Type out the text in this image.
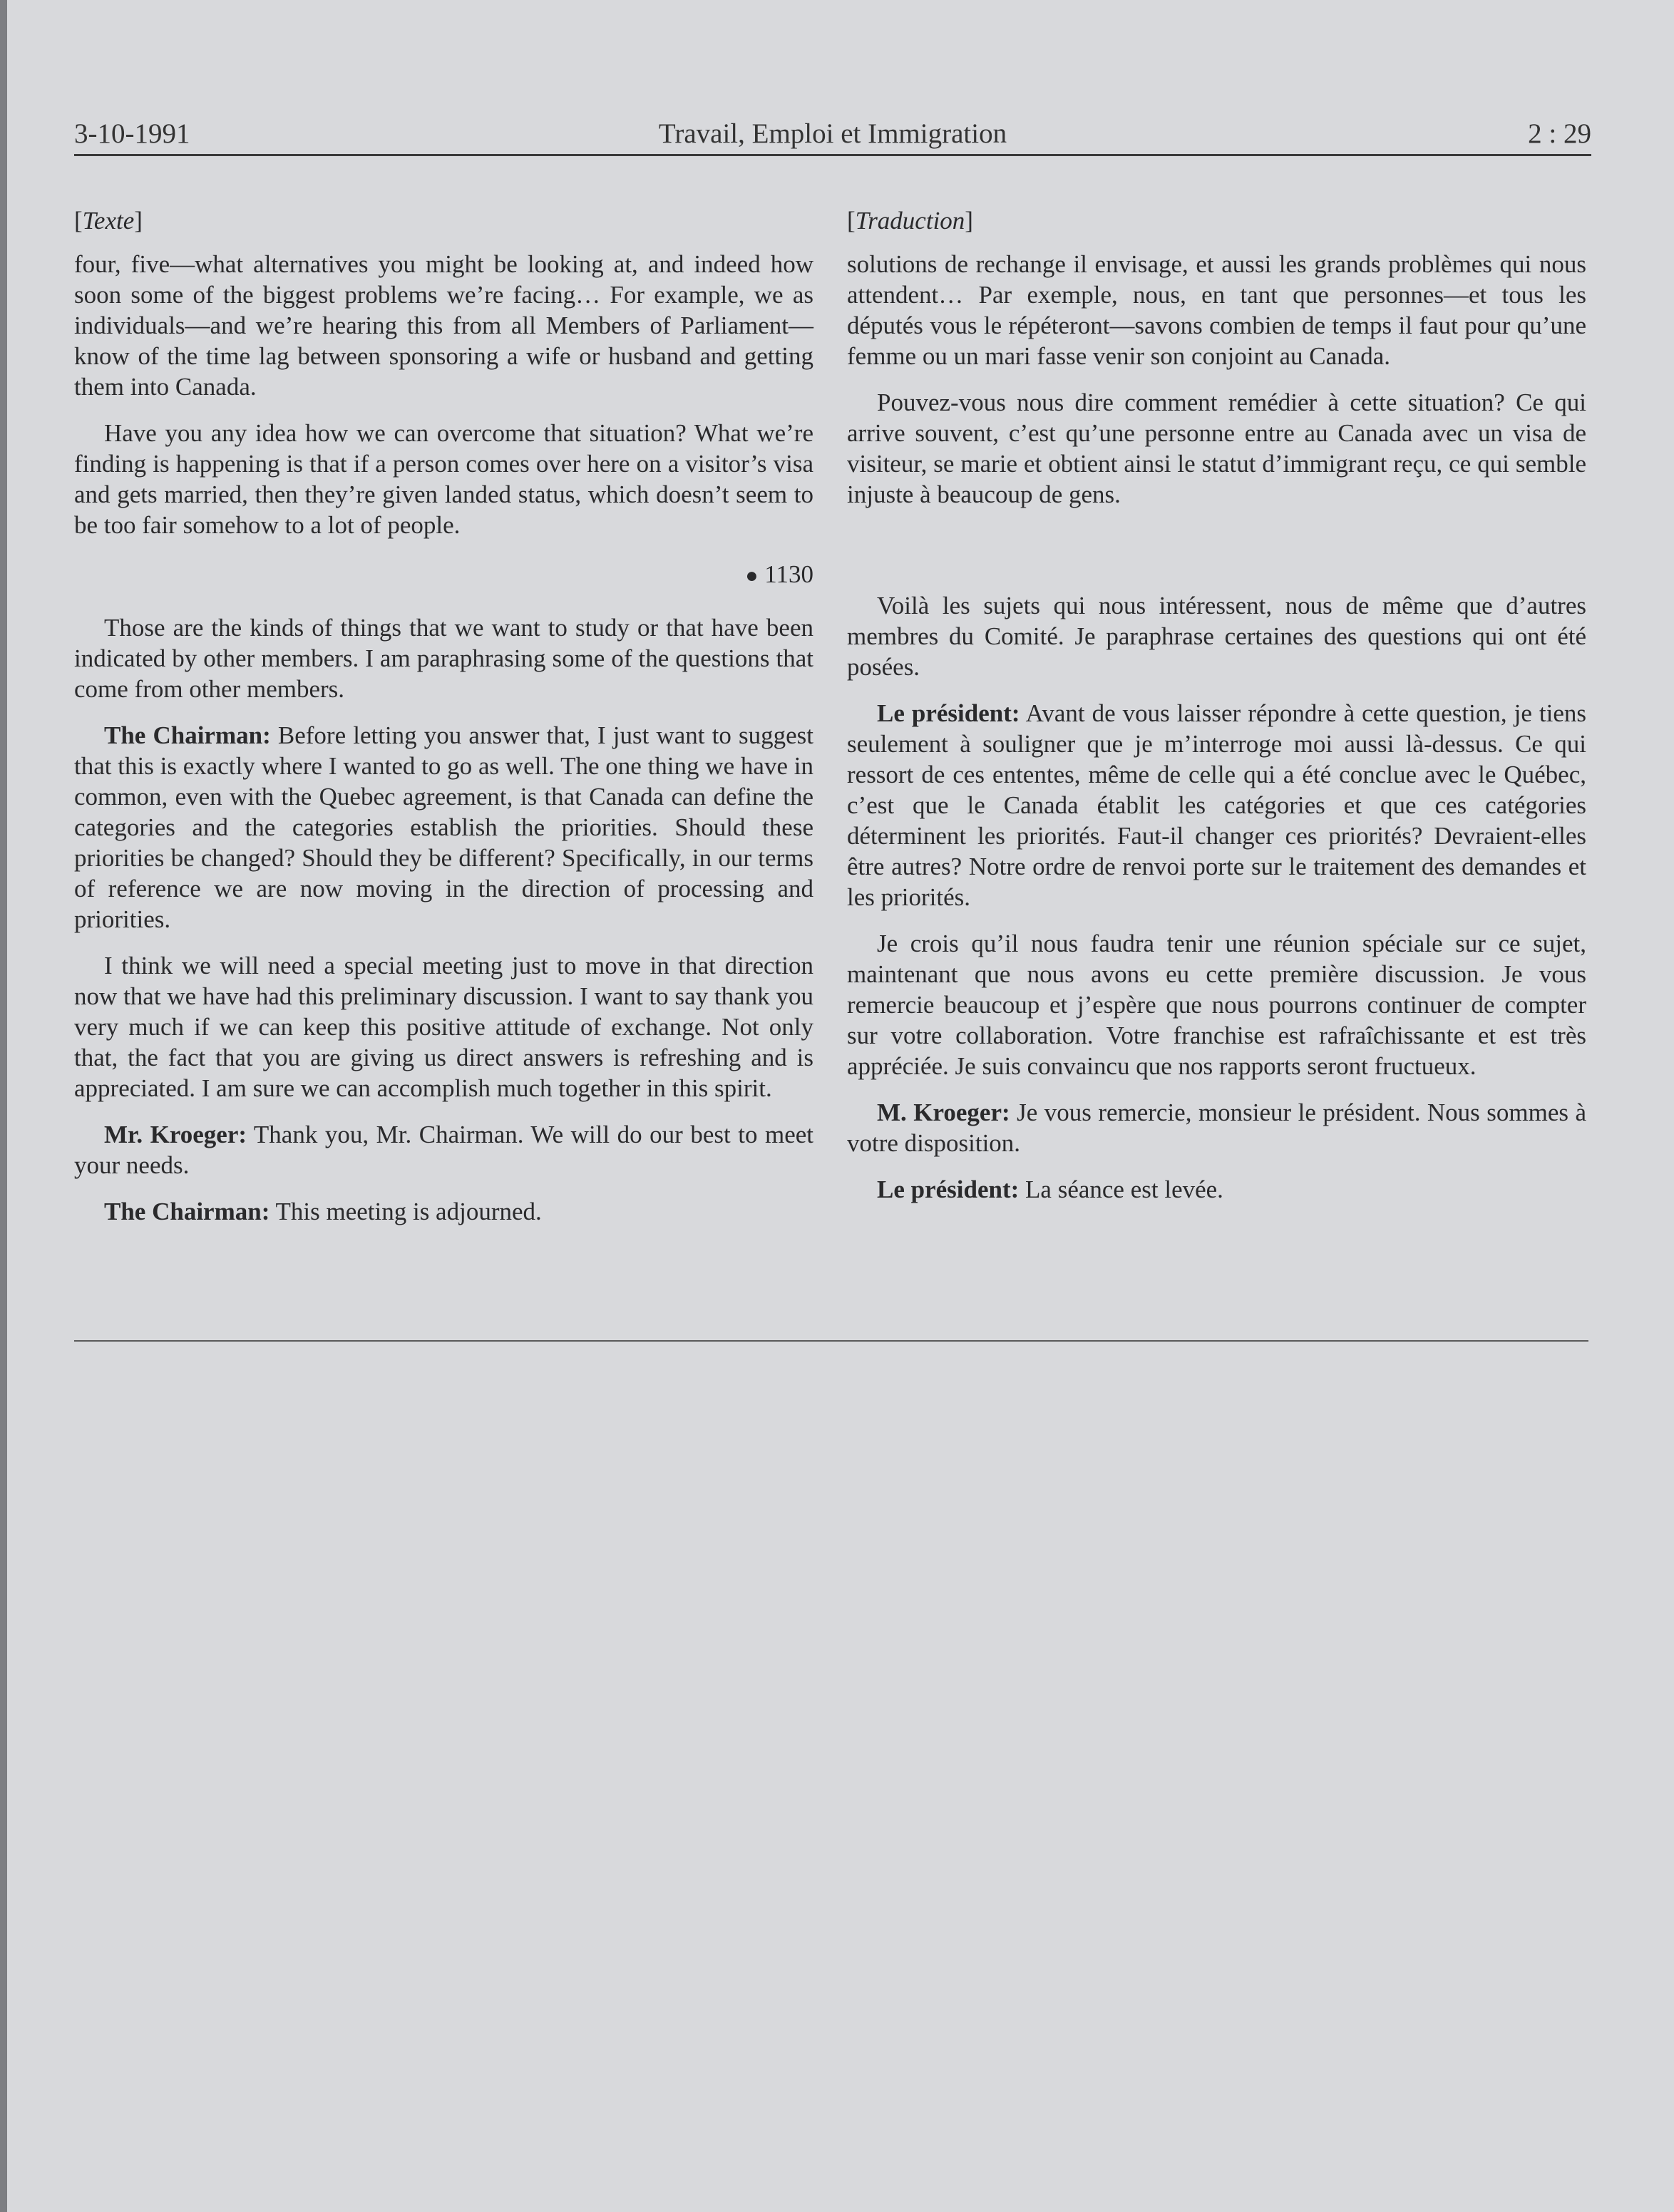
3-10-1991	Travail, Emploi et Immigration	2 : 29
[Texte]

four, five—what alternatives you might be looking at, and indeed how soon some of the biggest problems we’re facing… For example, we as individuals—and we’re hearing this from all Members of Parliament—know of the time lag between sponsoring a wife or husband and getting them into Canada.

Have you any idea how we can overcome that situation? What we’re finding is happening is that if a person comes over here on a visitor’s visa and gets married, then they’re given landed status, which doesn’t seem to be too fair somehow to a lot of people.

● 1130

Those are the kinds of things that we want to study or that have been indicated by other members. I am paraphrasing some of the questions that come from other members.

The Chairman: Before letting you answer that, I just want to suggest that this is exactly where I wanted to go as well. The one thing we have in common, even with the Quebec agreement, is that Canada can define the categories and the categories establish the priorities. Should these priorities be changed? Should they be different? Specifically, in our terms of reference we are now moving in the direction of processing and priorities.

I think we will need a special meeting just to move in that direction now that we have had this preliminary discussion. I want to say thank you very much if we can keep this positive attitude of exchange. Not only that, the fact that you are giving us direct answers is refreshing and is appreciated. I am sure we can accomplish much together in this spirit.

Mr. Kroeger: Thank you, Mr. Chairman. We will do our best to meet your needs.

The Chairman: This meeting is adjourned.

[Traduction]

solutions de rechange il envisage, et aussi les grands problèmes qui nous attendent… Par exemple, nous, en tant que personnes—et tous les députés vous le répéteront—savons combien de temps il faut pour qu’une femme ou un mari fasse venir son conjoint au Canada.

Pouvez-vous nous dire comment remédier à cette situation? Ce qui arrive souvent, c’est qu’une personne entre au Canada avec un visa de visiteur, se marie et obtient ainsi le statut d’immigrant reçu, ce qui semble injuste à beaucoup de gens.

Voilà les sujets qui nous intéressent, nous de même que d’autres membres du Comité. Je paraphrase certaines des questions qui ont été posées.

Le président: Avant de vous laisser répondre à cette question, je tiens seulement à souligner que je m’interroge moi aussi là-dessus. Ce qui ressort de ces ententes, même de celle qui a été conclue avec le Québec, c’est que le Canada établit les catégories et que ces catégories déterminent les priorités. Faut-il changer ces priorités? Devraient-elles être autres? Notre ordre de renvoi porte sur le traitement des demandes et les priorités.

Je crois qu’il nous faudra tenir une réunion spéciale sur ce sujet, maintenant que nous avons eu cette première discussion. Je vous remercie beaucoup et j’espère que nous pourrons continuer de compter sur votre collaboration. Votre franchise est rafraîchissante et est très appréciée. Je suis convaincu que nos rapports seront fructueux.

M. Kroeger: Je vous remercie, monsieur le président. Nous sommes à votre disposition.

Le président: La séance est levée.
